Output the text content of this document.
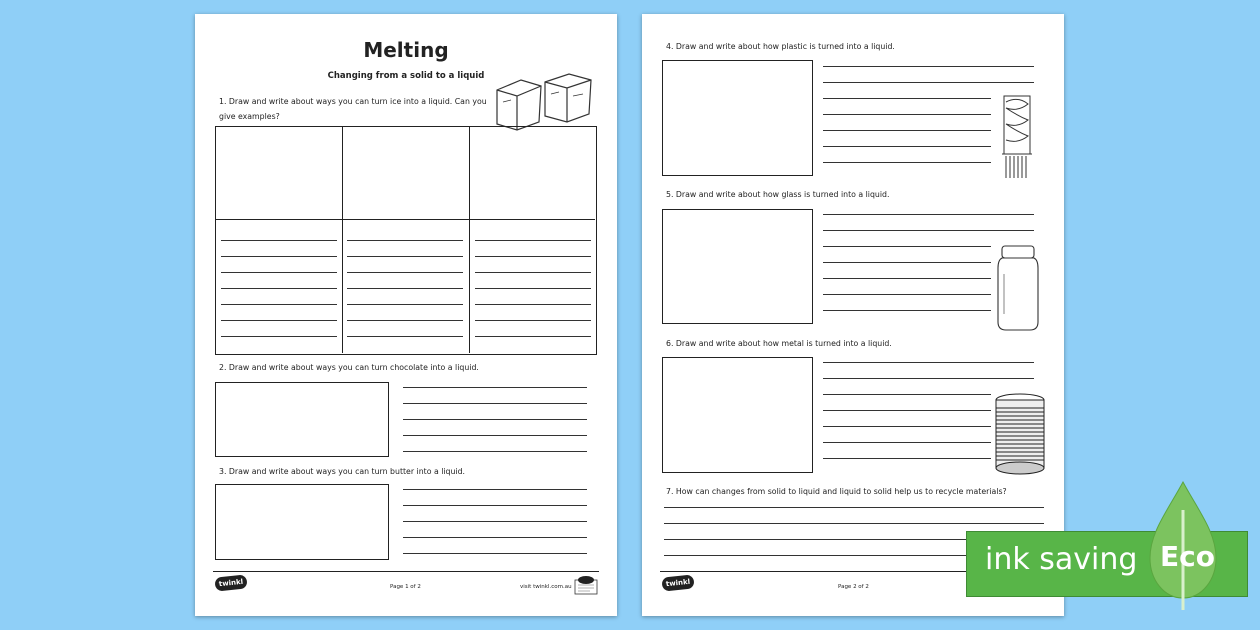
Melting
Changing from a solid to a liquid
1. Draw and write about ways you can turn ice into a liquid. Can you give examples?
2. Draw and write about ways you can turn chocolate into a liquid.
3. Draw and write about ways you can turn butter into a liquid.
twinkl	Page 1 of 2	visit twinkl.com.au
4. Draw and write about how plastic is turned into a liquid.
5. Draw and write about how glass is turned into a liquid.
6. Draw and write about how metal is turned into a liquid.
7. How can changes from solid to liquid and liquid to solid help us to recycle materials?
twinkl	Page 2 of 2
ink saving Eco
